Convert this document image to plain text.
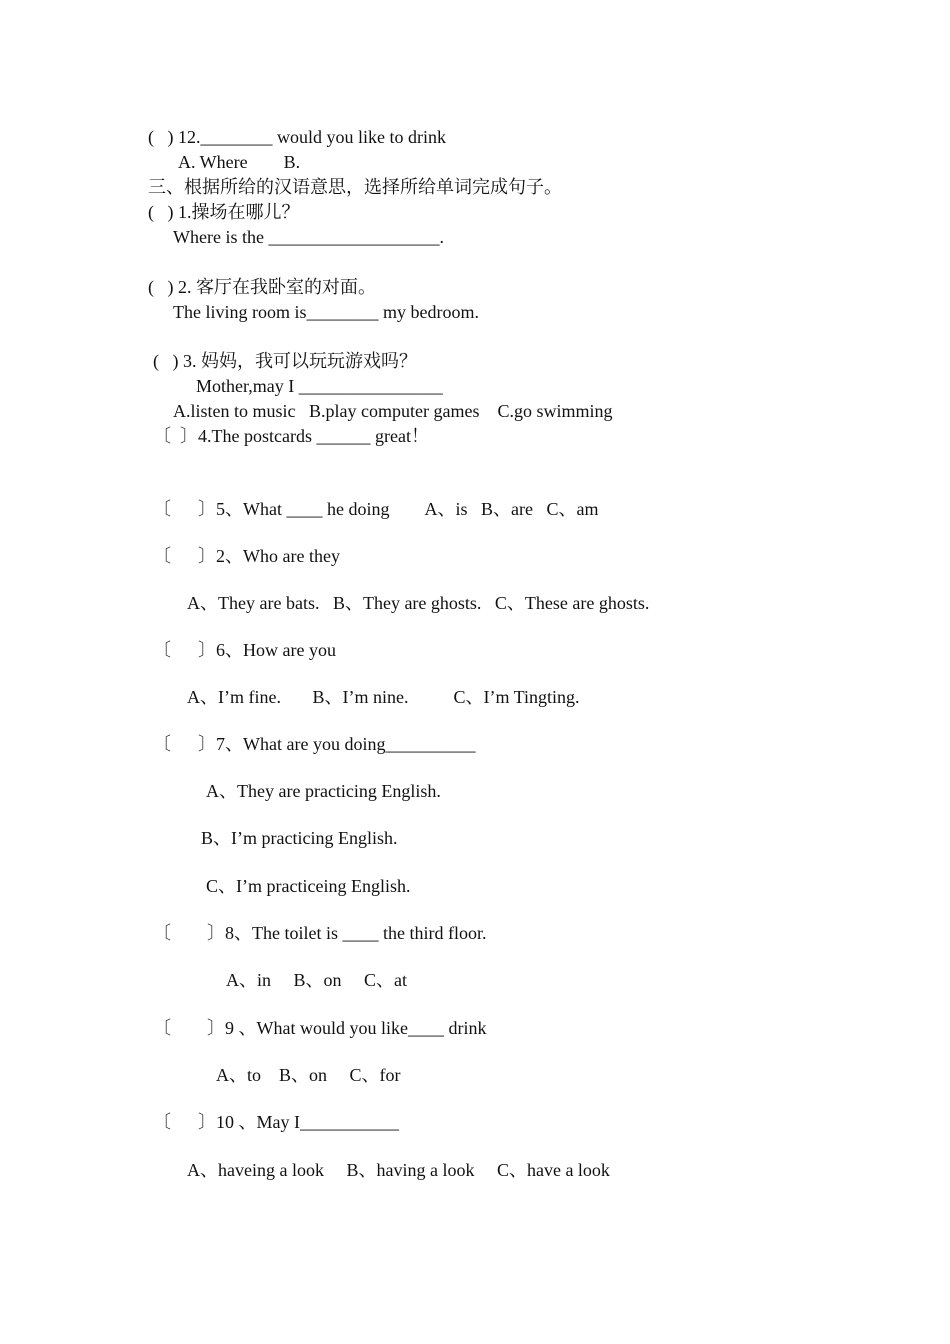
(   ) 12.________ would you like to drink
A. Where        B.
三、根据所给的汉语意思，选择所给单词完成句子。
(   ) 1.操场在哪儿？
Where is the ___________________.
(   ) 2. 客厅在我卧室的对面。
The living room is________ my bedroom.
(   ) 3. 妈妈，我可以玩玩游戏吗？
Mother,may I ________________
A.listen to music   B.play computer games    C.go swimming
〔  〕4.The postcards ______ great！
〔      〕5、What ____ he doing        A、is   B、are   C、am
〔      〕2、Who are they
A、They are bats.   B、They are ghosts.   C、These are ghosts.
〔      〕6、How are you
A、I’m fine.       B、I’m nine.          C、I’m Tingting.
〔      〕7、What are you doing__________
A、They are practicing English.
B、I’m practicing English.
C、I’m practiceing English.
〔        〕8、The toilet is ____ the third floor.
A、in     B、on     C、at
〔        〕9 、What would you like____ drink
A、to    B、on     C、for
〔      〕10 、May I___________
A、haveing a look     B、having a look     C、have a look
